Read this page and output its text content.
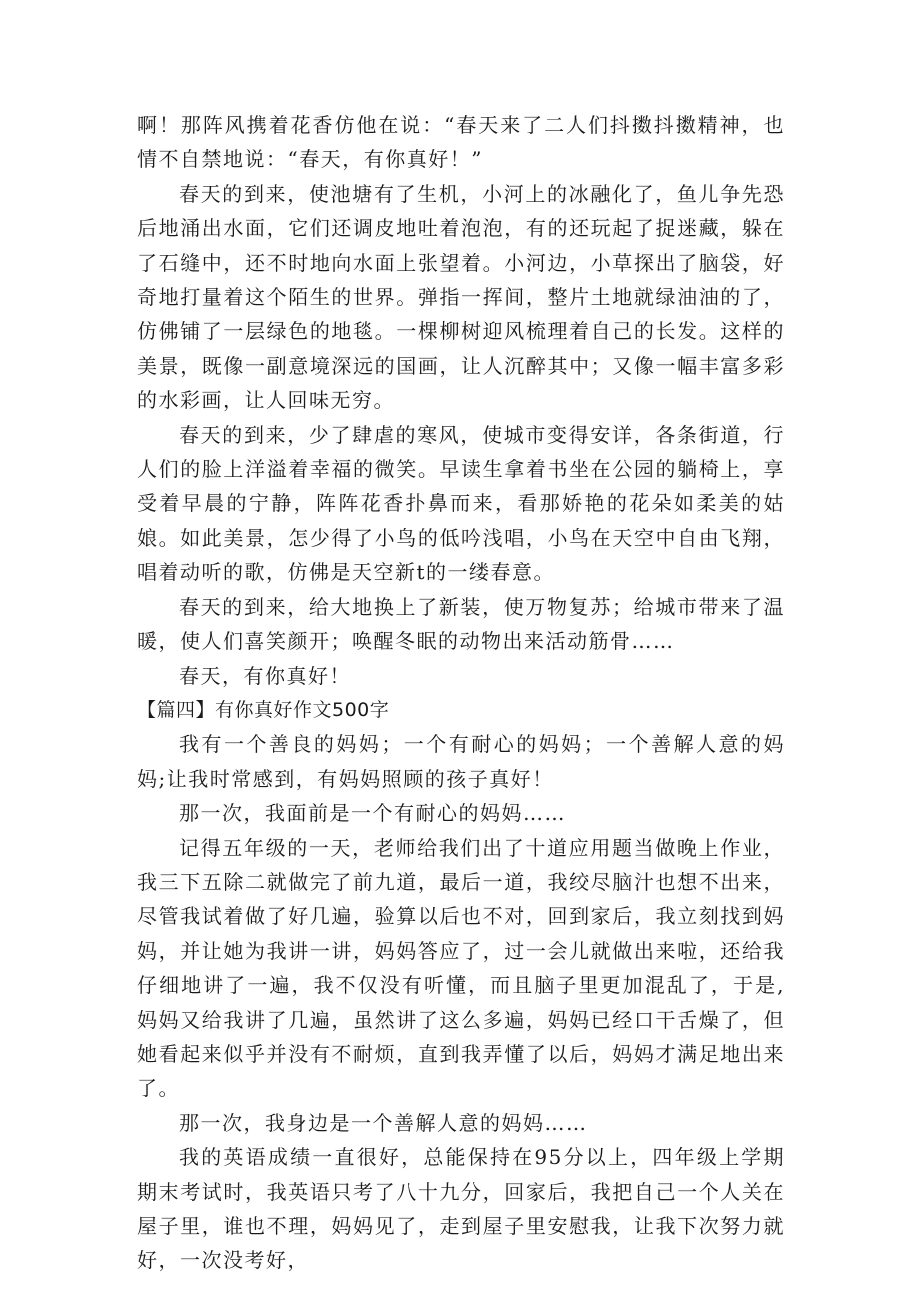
啊！那阵风携着花香仿他在说：“春天来了二人们抖擞抖擞精神，也情不自禁地说：“春天，有你真好！”

春天的到来，使池塘有了生机，小河上的冰融化了，鱼儿争先恐后地涌出水面，它们还调皮地吐着泡泡，有的还玩起了捉迷藏，躲在了石缝中，还不时地向水面上张望着。小河边，小草探出了脑袋，好奇地打量着这个陌生的世界。弹指一挥间，整片土地就绿油油的了，仿佛铺了一层绿色的地毯。一棵柳树迎风梳理着自己的长发。这样的美景，既像一副意境深远的国画，让人沉醉其中；又像一幅丰富多彩的水彩画，让人回味无穷。

春天的到来，少了肆虐的寒风，使城市变得安详，各条街道，行人们的脸上洋溢着幸福的微笑。早读生拿着书坐在公园的躺椅上，享受着早晨的宁静，阵阵花香扑鼻而来，看那娇艳的花朵如柔美的姑娘。如此美景，怎少得了小鸟的低吟浅唱，小鸟在天空中自由飞翔，唱着动听的歌，仿佛是天空新t的一缕春意。

春天的到来，给大地换上了新装，使万物复苏；给城市带来了温暖，使人们喜笑颜开；唤醒冬眠的动物出来活动筋骨……

春天，有你真好！

【篇四】有你真好作文500字

我有一个善良的妈妈；一个有耐心的妈妈；一个善解人意的妈妈;让我时常感到，有妈妈照顾的孩子真好！

那一次，我面前是一个有耐心的妈妈……

记得五年级的一天，老师给我们出了十道应用题当做晚上作业，我三下五除二就做完了前九道，最后一道，我绞尽脑汁也想不出来，尽管我试着做了好几遍，验算以后也不对，回到家后，我立刻找到妈妈，并让她为我讲一讲，妈妈答应了，过一会儿就做出来啦，还给我仔细地讲了一遍，我不仅没有听懂，而且脑子里更加混乱了，于是,妈妈又给我讲了几遍，虽然讲了这么多遍，妈妈已经口干舌燥了，但她看起来似乎并没有不耐烦，直到我弄懂了以后，妈妈才满足地出来了。

那一次，我身边是一个善解人意的妈妈……

我的英语成绩一直很好，总能保持在95分以上，四年级上学期期末考试时，我英语只考了八十九分，回家后，我把自己一个人关在屋子里，谁也不理，妈妈见了，走到屋子里安慰我，让我下次努力就好，一次没考好，
